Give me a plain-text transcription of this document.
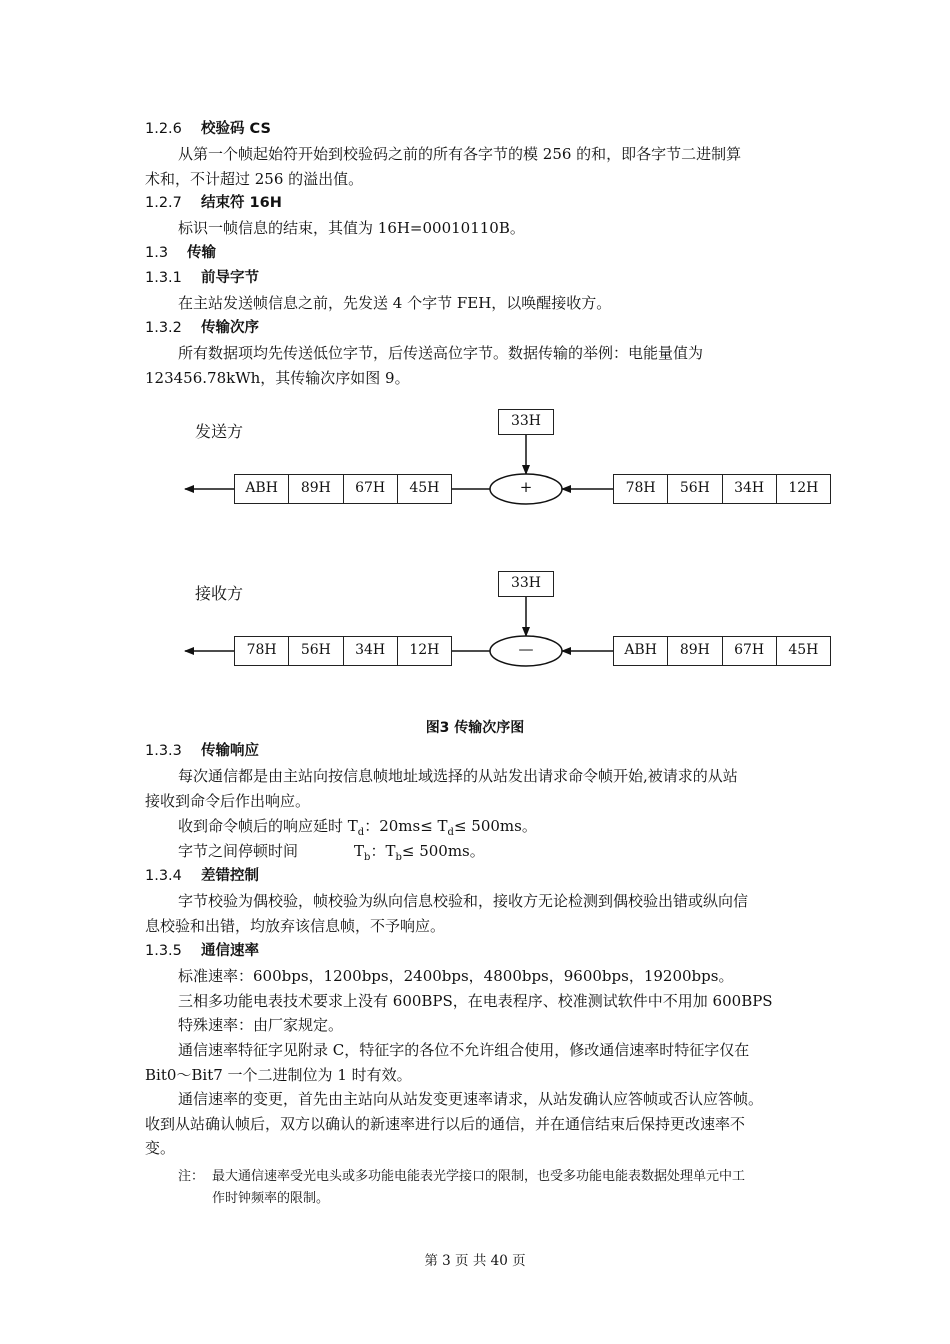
1.2.6 校验码 CS
从第一个帧起始符开始到校验码之前的所有各字节的模 256 的和，即各字节二进制算
术和，不计超过 256 的溢出值。
1.2.7 结束符 16H
标识一帧信息的结束，其值为 16H=00010110B。
1.3 传输
1.3.1 前导字节
在主站发送帧信息之前，先发送 4 个字节 FEH，以唤醒接收方。
1.3.2 传输次序
所有数据项均先传送低位字节，后传送高位字节。数据传输的举例：电能量值为
123456.78kWh，其传输次序如图 9。
发送方
33H
ABH	89H	67H	45H	+	78H	56H	34H	12H
接收方
33H
78H	56H	34H	12H	—	ABH	89H	67H	45H
图3 传输次序图
1.3.3 传输响应
每次通信都是由主站向按信息帧地址域选择的从站发出请求命令帧开始,被请求的从站
接收到命令后作出响应。
收到命令帧后的响应延时 $T_d$：$20ms\le T_d\le 500ms$。
字节之间停顿时间	$T_b$：$T_b\le 500ms$。
1.3.4 差错控制
字节校验为偶校验，帧校验为纵向信息校验和，接收方无论检测到偶校验出错或纵向信
息校验和出错，均放弃该信息帧，不予响应。
1.3.5 通信速率
标准速率：600bps，1200bps，2400bps，4800bps，9600bps，19200bps。
三相多功能电表技术要求上没有 600BPS，在电表程序、校准测试软件中不用加 600BPS
特殊速率：由厂家规定。
通信速率特征字见附录 C，特征字的各位不允许组合使用，修改通信速率时特征字仅在
Bit0～Bit7 一个二进制位为 1 时有效。
通信速率的变更，首先由主站向从站发变更速率请求，从站发确认应答帧或否认应答帧。
收到从站确认帧后，双方以确认的新速率进行以后的通信，并在通信结束后保持更改速率不
变。
注： 最大通信速率受光电头或多功能电能表光学接口的限制，也受多功能电能表数据处理单元中工
作时钟频率的限制。
第 3 页 共 40 页
